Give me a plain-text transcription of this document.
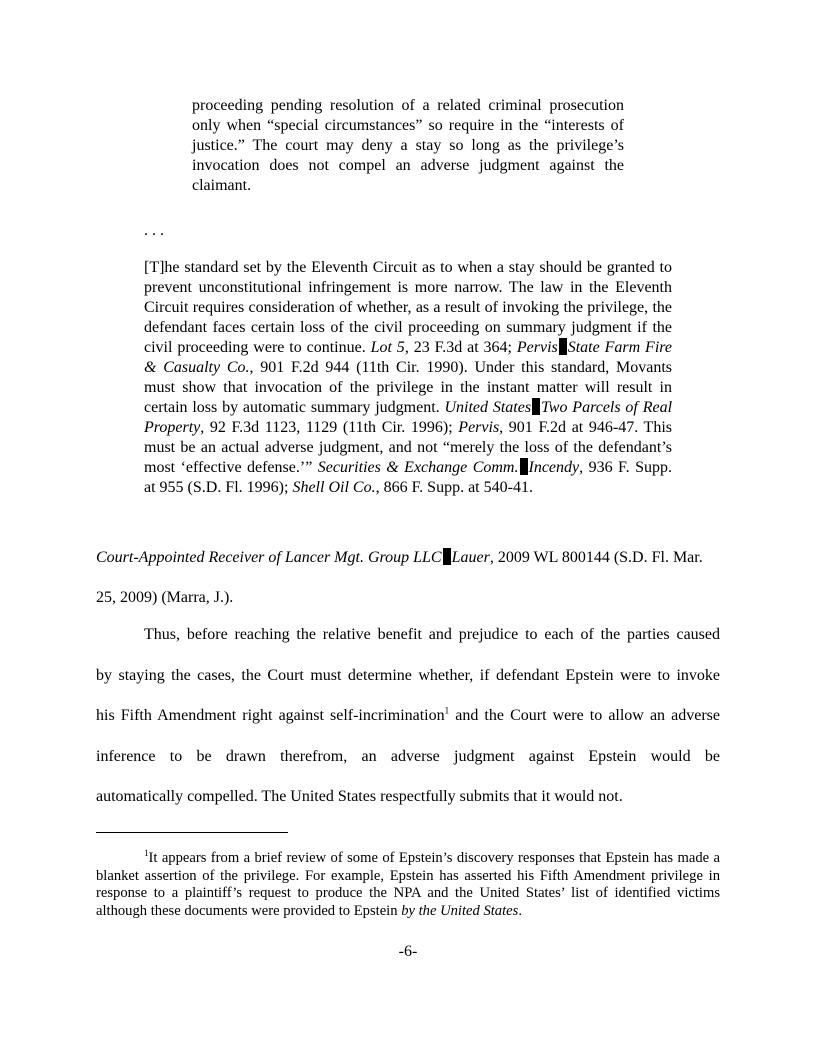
proceeding pending resolution of a related criminal prosecution only when “special circumstances” so require in the “interests of justice.” The court may deny a stay so long as the privilege’s invocation does not compel an adverse judgment against the claimant.
. . .
[T]he standard set by the Eleventh Circuit as to when a stay should be granted to prevent unconstitutional infringement is more narrow. The law in the Eleventh Circuit requires consideration of whether, as a result of invoking the privilege, the defendant faces certain loss of the civil proceeding on summary judgment if the civil proceeding were to continue. Lot 5, 23 F.3d at 364; Pervis State Farm Fire & Casualty Co., 901 F.2d 944 (11th Cir. 1990). Under this standard, Movants must show that invocation of the privilege in the instant matter will result in certain loss by automatic summary judgment. United States Two Parcels of Real Property, 92 F.3d 1123, 1129 (11th Cir. 1996); Pervis, 901 F.2d at 946-47. This must be an actual adverse judgment, and not “merely the loss of the defendant’s most ‘effective defense.’” Securities & Exchange Comm. Incendy, 936 F. Supp. at 955 (S.D. Fl. 1996); Shell Oil Co., 866 F. Supp. at 540-41.
Court-Appointed Receiver of Lancer Mgt. Group LLC Lauer, 2009 WL 800144 (S.D. Fl. Mar. 25, 2009) (Marra, J.).
Thus, before reaching the relative benefit and prejudice to each of the parties caused
by staying the cases, the Court must determine whether, if defendant Epstein were to invoke
his Fifth Amendment right against self-incrimination$^1$ and the Court were to allow an adverse
inference to be drawn therefrom, an adverse judgment against Epstein would be
automatically compelled. The United States respectfully submits that it would not.
$^1$It appears from a brief review of some of Epstein’s discovery responses that Epstein has made a blanket assertion of the privilege. For example, Epstein has asserted his Fifth Amendment privilege in response to a plaintiff’s request to produce the NPA and the United States’ list of identified victims although these documents were provided to Epstein by the United States.
-6-
